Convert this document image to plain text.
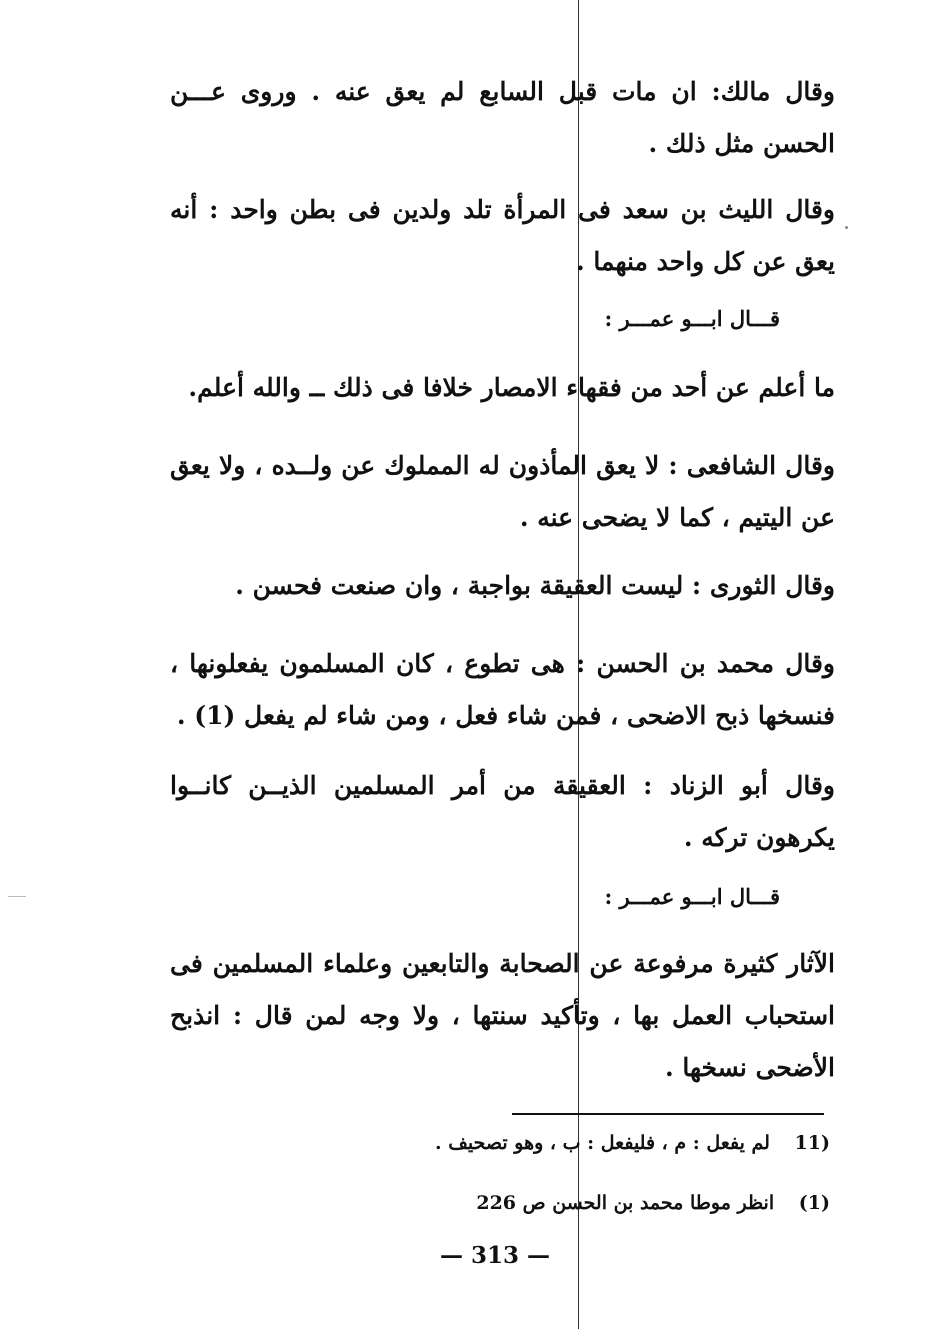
وقال مالك: ان مات قبل السابع لم يعق عنه . وروى عـــن الحسن مثل ذلك .

وقال الليث بن سعد فى المرأة تلد ولدين فى بطن واحد : أنه يعق عن كل واحد منهما .

قـــال ابـــو عمـــر :

ما أعلم عن أحد من فقهاء الامصار خلافا فى ذلك ــ والله أعلم.

وقال الشافعى : لا يعق المأذون له المملوك عن ولــده ، ولا يعق عن اليتيم ، كما لا يضحى عنه .

وقال الثورى : ليست العقيقة بواجبة ، وان صنعت فحسن .

وقال محمد بن الحسن : هى تطوع ، كان المسلمون يفعلونها ، فنسخها ذبح الاضحى ، فمن شاء فعل ، ومن شاء لم يفعل (1) .

وقال أبو الزناد : العقيقة من أمر المسلمين الذيــن كانــوا يكرهون تركه .

قـــال ابـــو عمـــر :

الآثار كثيرة مرفوعة عن الصحابة والتابعين وعلماء المسلمين فى استحباب العمل بها ، وتأكيد سنتها ، ولا وجه لمن قال : انذبح الأضحى نسخها .

(11 لم يفعل : م ، فليفعل : ب ، وهو تصحيف .
(1) انظر موطا محمد بن الحسن ص 226
— 313 —
